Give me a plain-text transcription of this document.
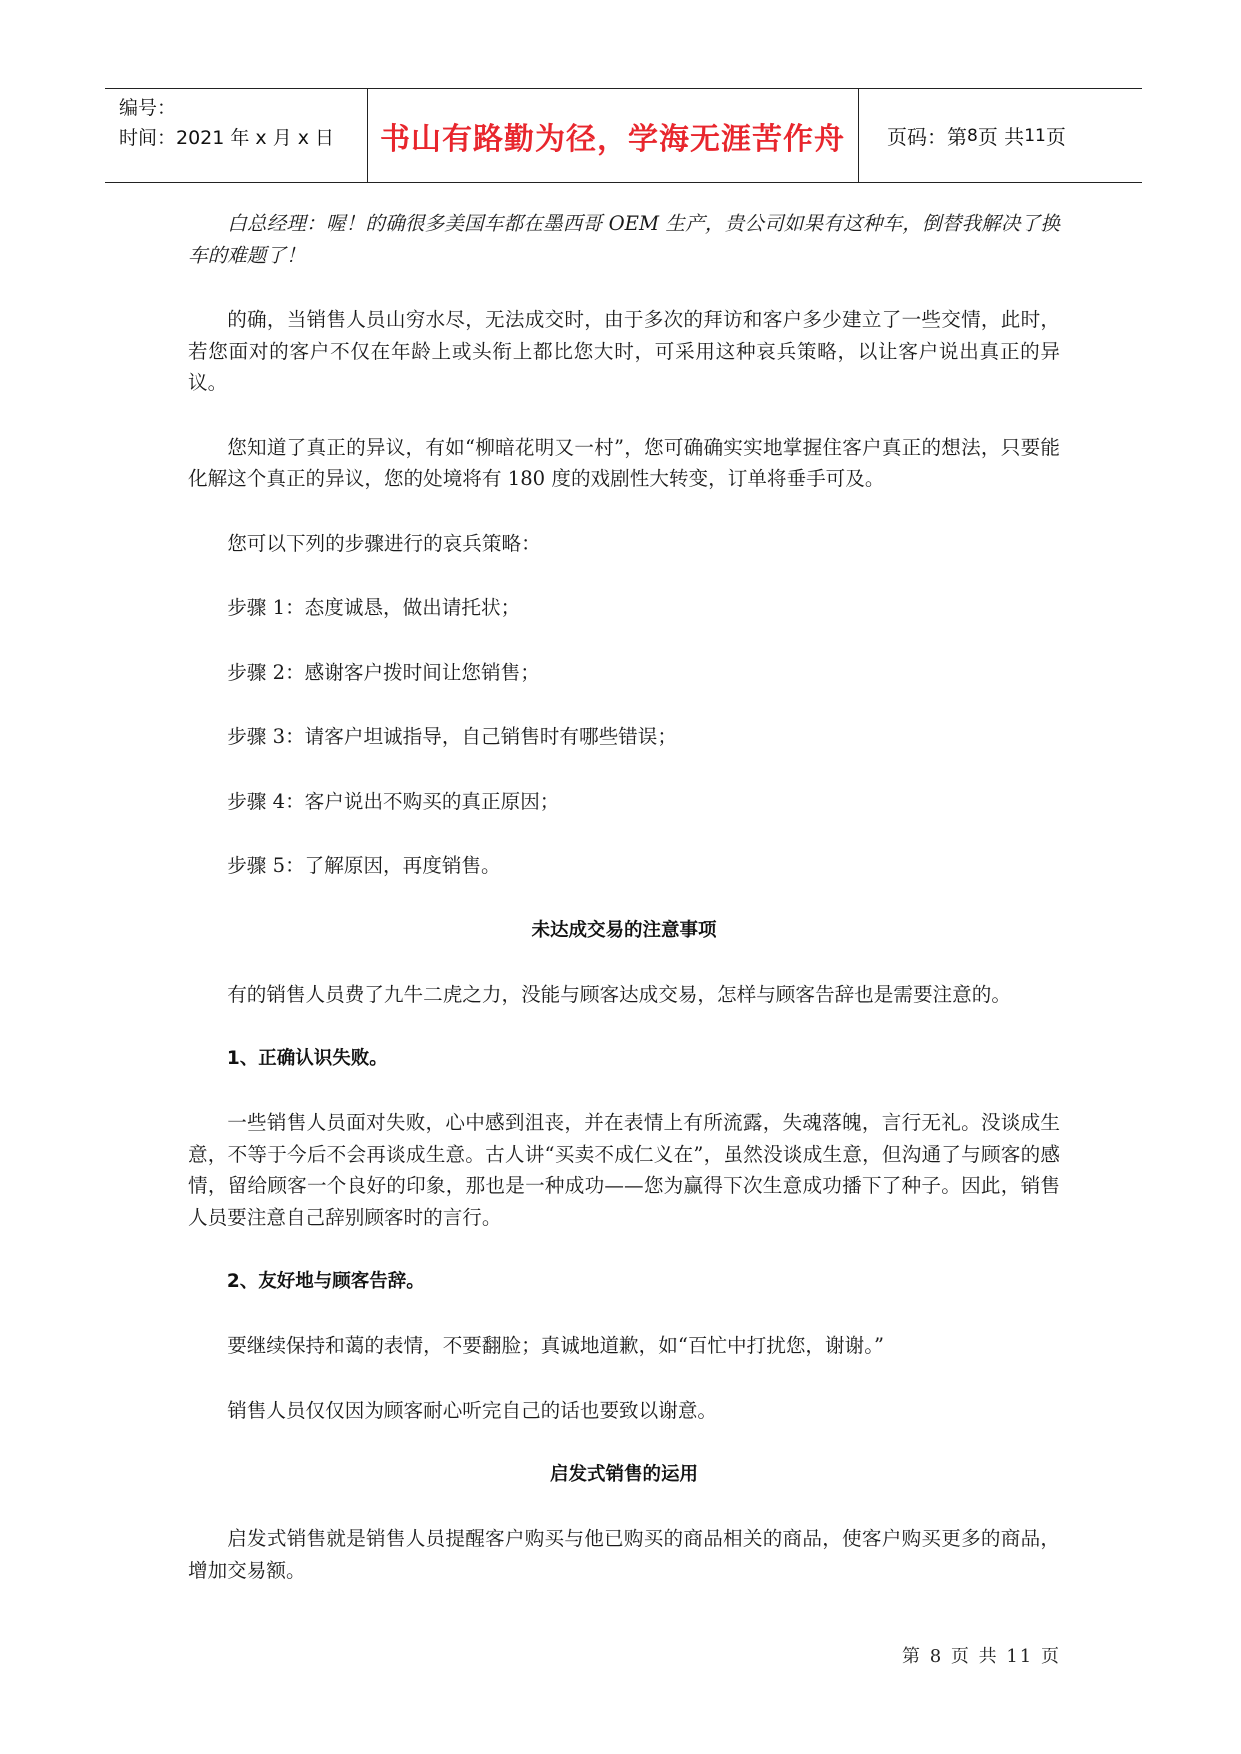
编号：
时间：2021 年 x 月 x 日	书山有路勤为径，学海无涯苦作舟	页码：第 8 页 共 11 页

白总经理：喔！的确很多美国车都在墨西哥 OEM 生产，贵公司如果有这种车，倒替我解决了换车的难题了！

的确，当销售人员山穷水尽，无法成交时，由于多次的拜访和客户多少建立了一些交情，此时，若您面对的客户不仅在年龄上或头衔上都比您大时，可采用这种哀兵策略，以让客户说出真正的异议。

您知道了真正的异议，有如“柳暗花明又一村”，您可确确实实地掌握住客户真正的想法，只要能化解这个真正的异议，您的处境将有 180 度的戏剧性大转变，订单将垂手可及。

您可以下列的步骤进行的哀兵策略：

步骤 1：态度诚恳，做出请托状；

步骤 2：感谢客户拨时间让您销售；

步骤 3：请客户坦诚指导，自己销售时有哪些错误；

步骤 4：客户说出不购买的真正原因；

步骤 5：了解原因，再度销售。

未达成交易的注意事项

有的销售人员费了九牛二虎之力，没能与顾客达成交易，怎样与顾客告辞也是需要注意的。

1、正确认识失败。

一些销售人员面对失败，心中感到沮丧，并在表情上有所流露，失魂落魄，言行无礼。没谈成生意，不等于今后不会再谈成生意。古人讲“买卖不成仁义在”，虽然没谈成生意，但沟通了与顾客的感情，留给顾客一个良好的印象，那也是一种成功——您为赢得下次生意成功播下了种子。因此，销售人员要注意自己辞别顾客时的言行。

2、友好地与顾客告辞。

要继续保持和蔼的表情，不要翻脸；真诚地道歉，如“百忙中打扰您，谢谢。”

销售人员仅仅因为顾客耐心听完自己的话也要致以谢意。

启发式销售的运用

启发式销售就是销售人员提醒客户购买与他已购买的商品相关的商品，使客户购买更多的商品，增加交易额。

第 8 页 共 11 页
